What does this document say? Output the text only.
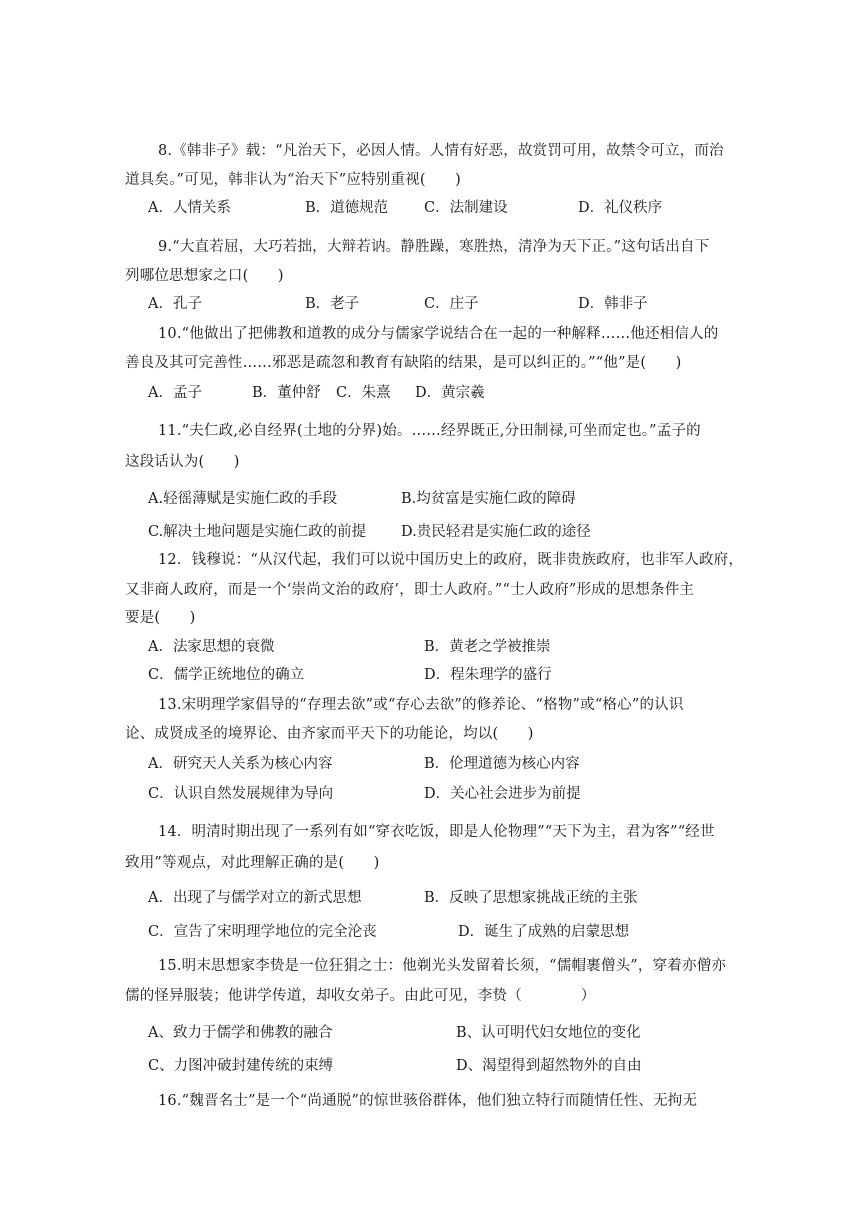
8.《韩非子》载：“凡治天下，必因人情。人情有好恶，故赏罚可用，故禁令可立，而治
道具矣。”可见，韩非认为“治天下”应特别重视(　　)
A．人情关系	B．道德规范 C．法制建设	D．礼仪秩序
9.“大直若屈，大巧若拙，大辩若讷。静胜躁，寒胜热，清净为天下正。”这句话出自下
列哪位思想家之口(　　)
A．孔子	B．老子	C．庄子	D．韩非子
10.“他做出了把佛教和道教的成分与儒家学说结合在一起的一种解释……他还相信人的
善良及其可完善性……邪恶是疏忽和教育有缺陷的结果，是可以纠正的。”“他”是(　　)
A．孟子	B．董仲舒 C．朱熹 D．黄宗羲
11.“夫仁政,必自经界(土地的分界)始。……经界既正,分田制禄,可坐而定也。”孟子的
这段话认为(　　)
A.轻徭薄赋是实施仁政的手段	B.均贫富是实施仁政的障碍
C.解决土地问题是实施仁政的前提 D.贵民轻君是实施仁政的途径
12．钱穆说：“从汉代起，我们可以说中国历史上的政府，既非贵族政府，也非军人政府，
又非商人政府，而是一个‘崇尚文治的政府’，即士人政府。”“士人政府”形成的思想条件主
要是(　　)
A．法家思想的衰微	B．黄老之学被推崇
C．儒学正统地位的确立	D．程朱理学的盛行
13.宋明理学家倡导的“存理去欲”或“存心去欲”的修养论、“格物”或“格心”的认识
论、成贤成圣的境界论、由齐家而平天下的功能论，均以(　　)
A．研究天人关系为核心内容	B．伦理道德为核心内容
C．认识自然发展规律为导向	D．关心社会进步为前提
14．明清时期出现了一系列有如“穿衣吃饭，即是人伦物理”“天下为主，君为客”“经世
致用”等观点，对此理解正确的是(　　)
A．出现了与儒学对立的新式思想	B．反映了思想家挑战正统的主张
C．宣告了宋明理学地位的完全沦丧	D．诞生了成熟的启蒙思想
15.明末思想家李贽是一位狂狷之士：他剃光头发留着长须，“儒帽裹僧头”，穿着亦僧亦
儒的怪异服装；他讲学传道，却收女弟子。由此可见，李贽（　　　　）
A、致力于儒学和佛教的融合	B、认可明代妇女地位的变化
C、力图冲破封建传统的束缚	D、渴望得到超然物外的自由
16.“魏晋名士”是一个“尚通脱”的惊世骇俗群体，他们独立特行而随情任性、无拘无
